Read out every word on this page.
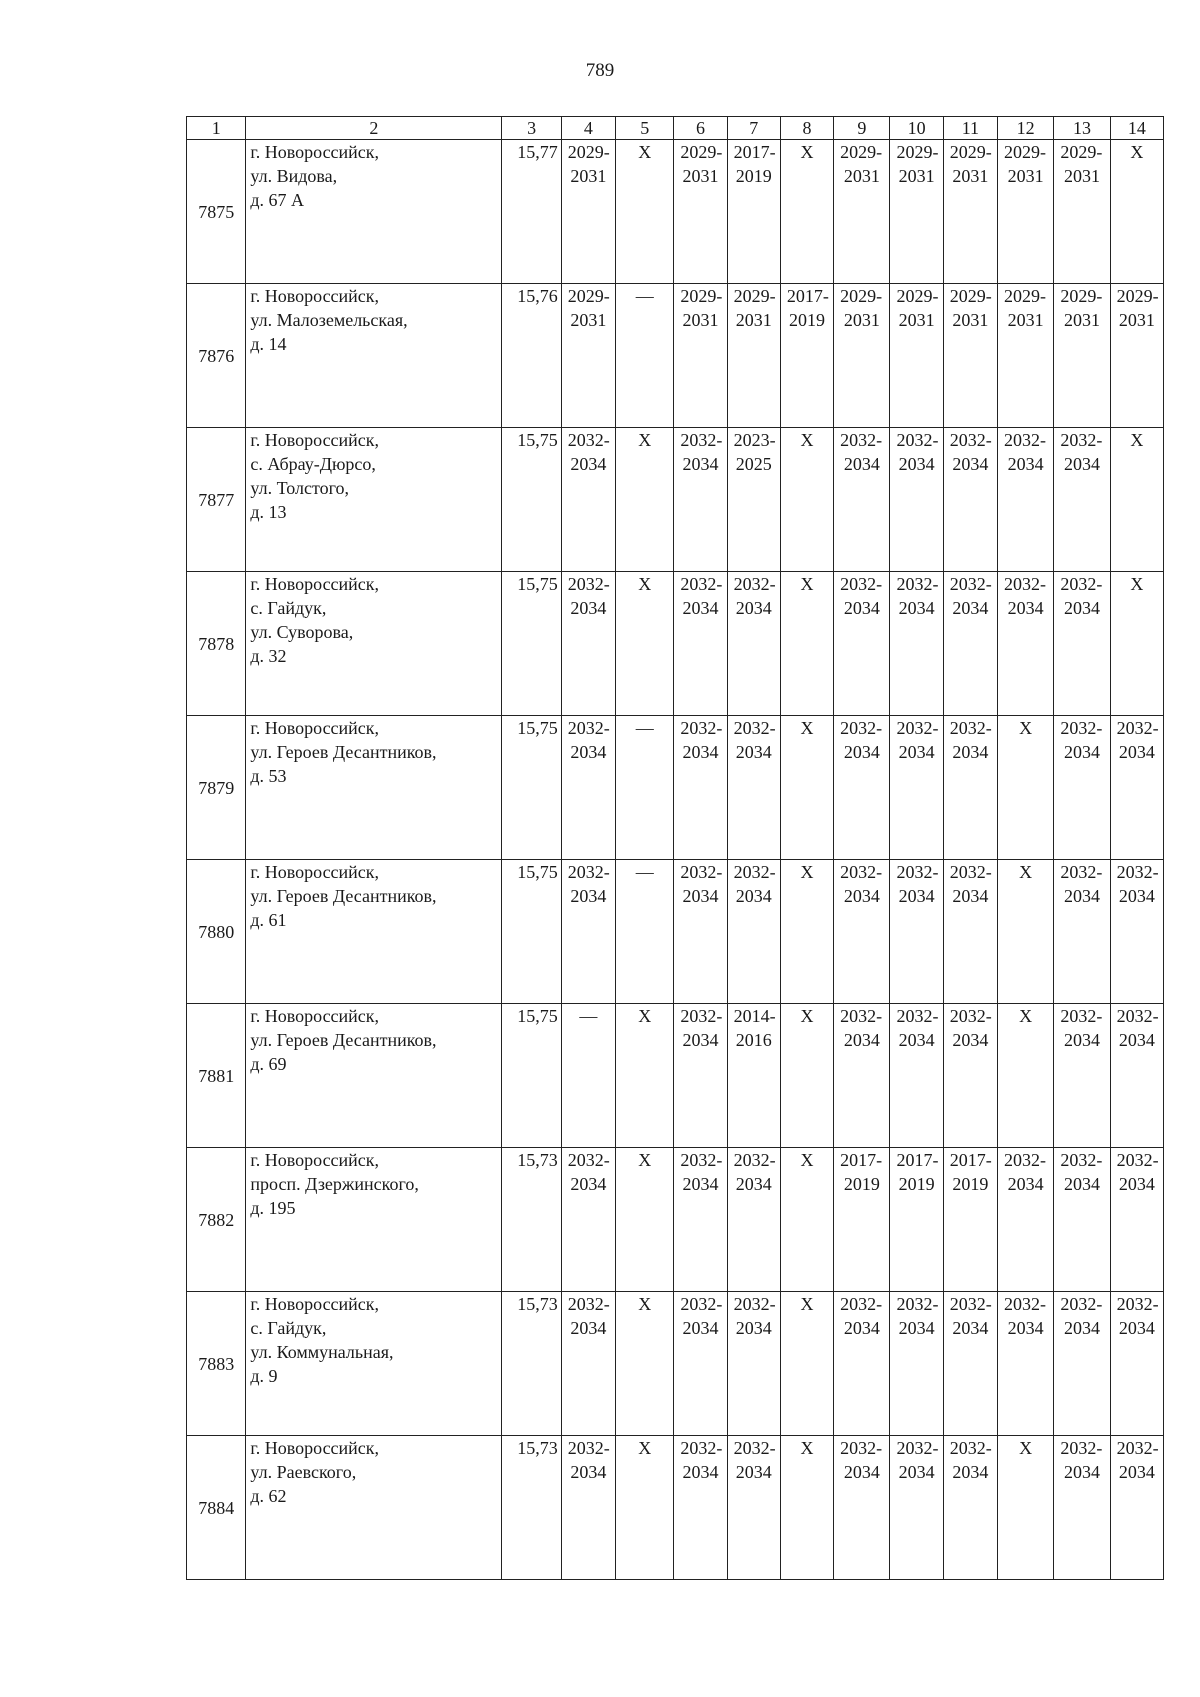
789
1	2	3	4	5	6	7	8	9	10	11	12	13	14
7875	г. Новороссийск,
ул. Видова,
д. 67 А	15,77	2029-
2031	X	2029-
2031	2017-
2019	X	2029-
2031	2029-
2031	2029-
2031	2029-
2031	2029-
2031	X

7876	г. Новороссийск,
ул. Малоземельская,
д. 14	15,76	2029-
2031	—	2029-
2031	2029-
2031	2017-
2019	2029-
2031	2029-
2031	2029-
2031	2029-
2031	2029-
2031	2029-
2031

7877	г. Новороссийск,
с. Абрау-Дюрсо,
ул. Толстого,
д. 13	15,75	2032-
2034	X	2032-
2034	2023-
2025	X	2032-
2034	2032-
2034	2032-
2034	2032-
2034	2032-
2034	X

7878	г. Новороссийск,
с. Гайдук,
ул. Суворова,
д. 32	15,75	2032-
2034	X	2032-
2034	2032-
2034	X	2032-
2034	2032-
2034	2032-
2034	2032-
2034	2032-
2034	X

7879	г. Новороссийск,
ул. Героев Десантников,
д. 53	15,75	2032-
2034	—	2032-
2034	2032-
2034	X	2032-
2034	2032-
2034	2032-
2034	X	2032-
2034	2032-
2034

7880	г. Новороссийск,
ул. Героев Десантников,
д. 61	15,75	2032-
2034	—	2032-
2034	2032-
2034	X	2032-
2034	2032-
2034	2032-
2034	X	2032-
2034	2032-
2034

7881	г. Новороссийск,
ул. Героев Десантников,
д. 69	15,75	—	X	2032-
2034	2014-
2016	X	2032-
2034	2032-
2034	2032-
2034	X	2032-
2034	2032-
2034

7882	г. Новороссийск,
просп. Дзержинского,
д. 195	15,73	2032-
2034	X	2032-
2034	2032-
2034	X	2017-
2019	2017-
2019	2017-
2019	2032-
2034	2032-
2034	2032-
2034

7883	г. Новороссийск,
с. Гайдук,
ул. Коммунальная,
д. 9	15,73	2032-
2034	X	2032-
2034	2032-
2034	X	2032-
2034	2032-
2034	2032-
2034	2032-
2034	2032-
2034	2032-
2034

7884	г. Новороссийск,
ул. Раевского,
д. 62	15,73	2032-
2034	X	2032-
2034	2032-
2034	X	2032-
2034	2032-
2034	2032-
2034	X	2032-
2034	2032-
2034
